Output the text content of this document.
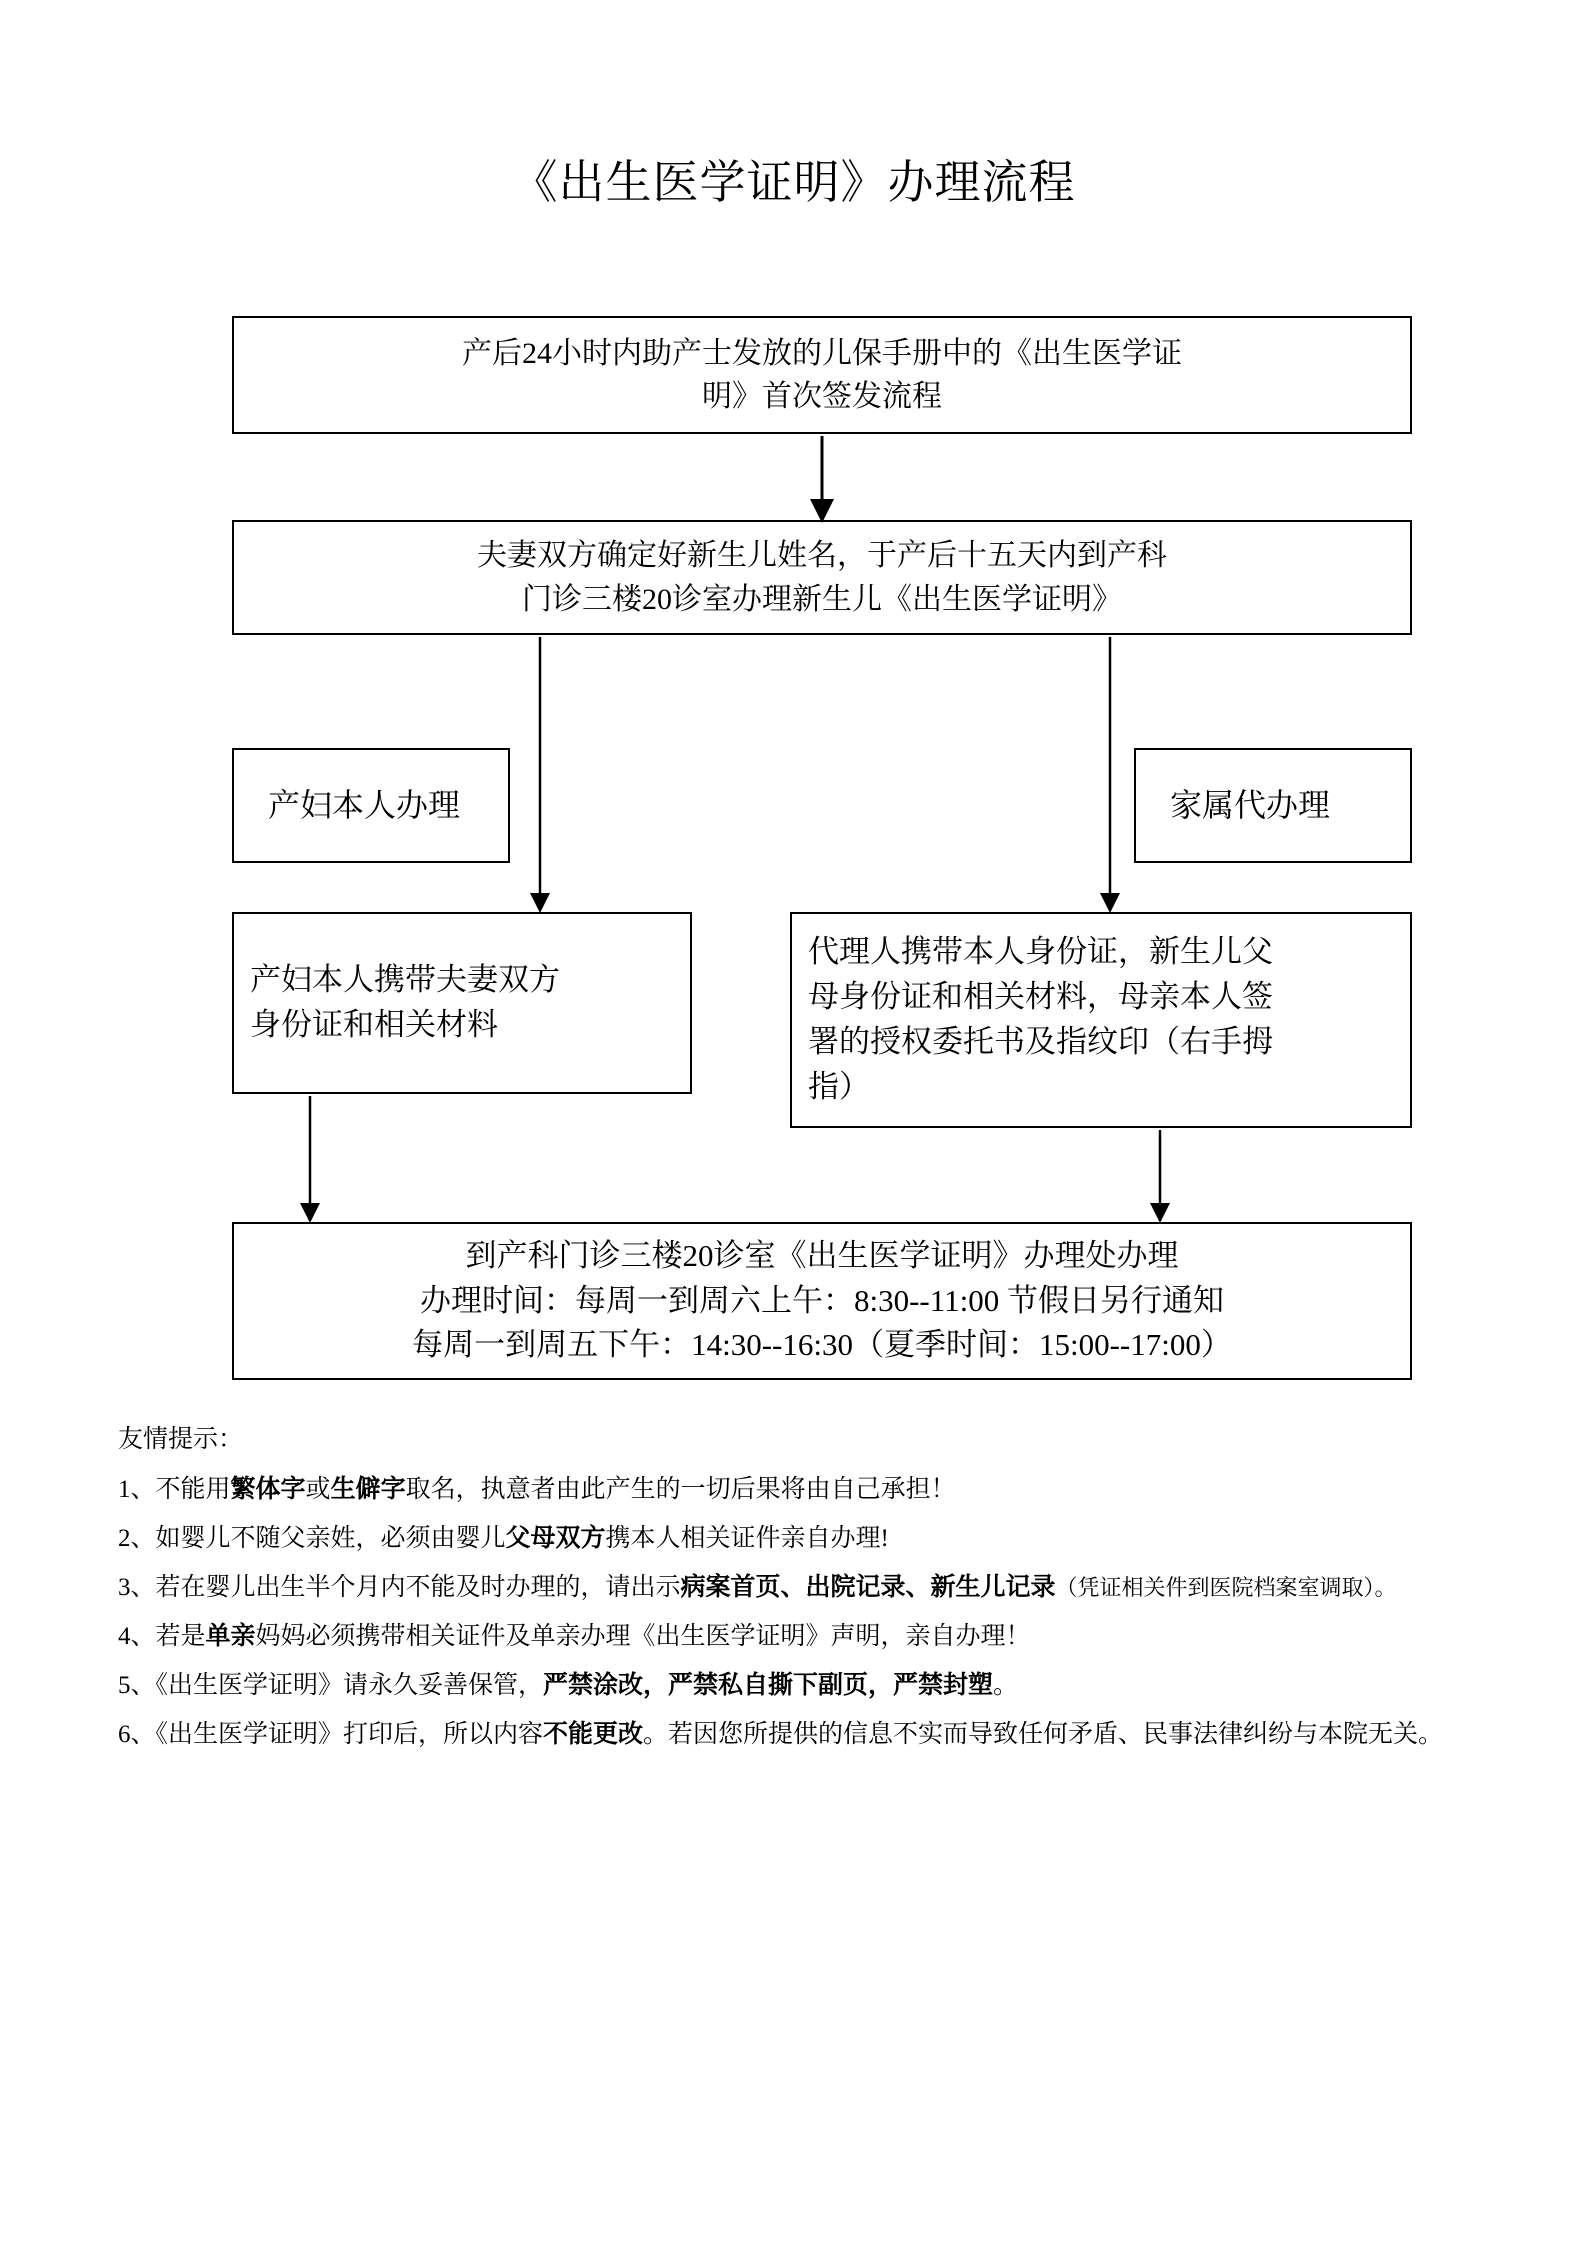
《出生医学证明》办理流程
产后24小时内助产士发放的儿保手册中的《出生医学证
明》首次签发流程
夫妻双方确定好新生儿姓名，于产后十五天内到产科
门诊三楼20诊室办理新生儿《出生医学证明》
产妇本人办理	家属代办理
产妇本人携带夫妻双方
身份证和相关材料
代理人携带本人身份证，新生儿父
母身份证和相关材料，母亲本人签
署的授权委托书及指纹印（右手拇
指）
到产科门诊三楼20诊室《出生医学证明》办理处办理
办理时间：每周一到周六上午：8:30--11:00 节假日另行通知
每周一到周五下午：14:30--16:30（夏季时间：15:00--17:00）
友情提示：
1、不能用繁体字或生僻字取名，执意者由此产生的一切后果将由自己承担！
2、如婴儿不随父亲姓，必须由婴儿父母双方携本人相关证件亲自办理!
3、若在婴儿出生半个月内不能及时办理的，请出示病案首页、出院记录、新生儿记录（凭证相关件到医院档案室调取）。
4、若是单亲妈妈必须携带相关证件及单亲办理《出生医学证明》声明，亲自办理！
5、《出生医学证明》请永久妥善保管，严禁涂改，严禁私自撕下副页，严禁封塑。
6、《出生医学证明》打印后，所以内容不能更改。若因您所提供的信息不实而导致任何矛盾、民事法律纠纷与本院无关。
